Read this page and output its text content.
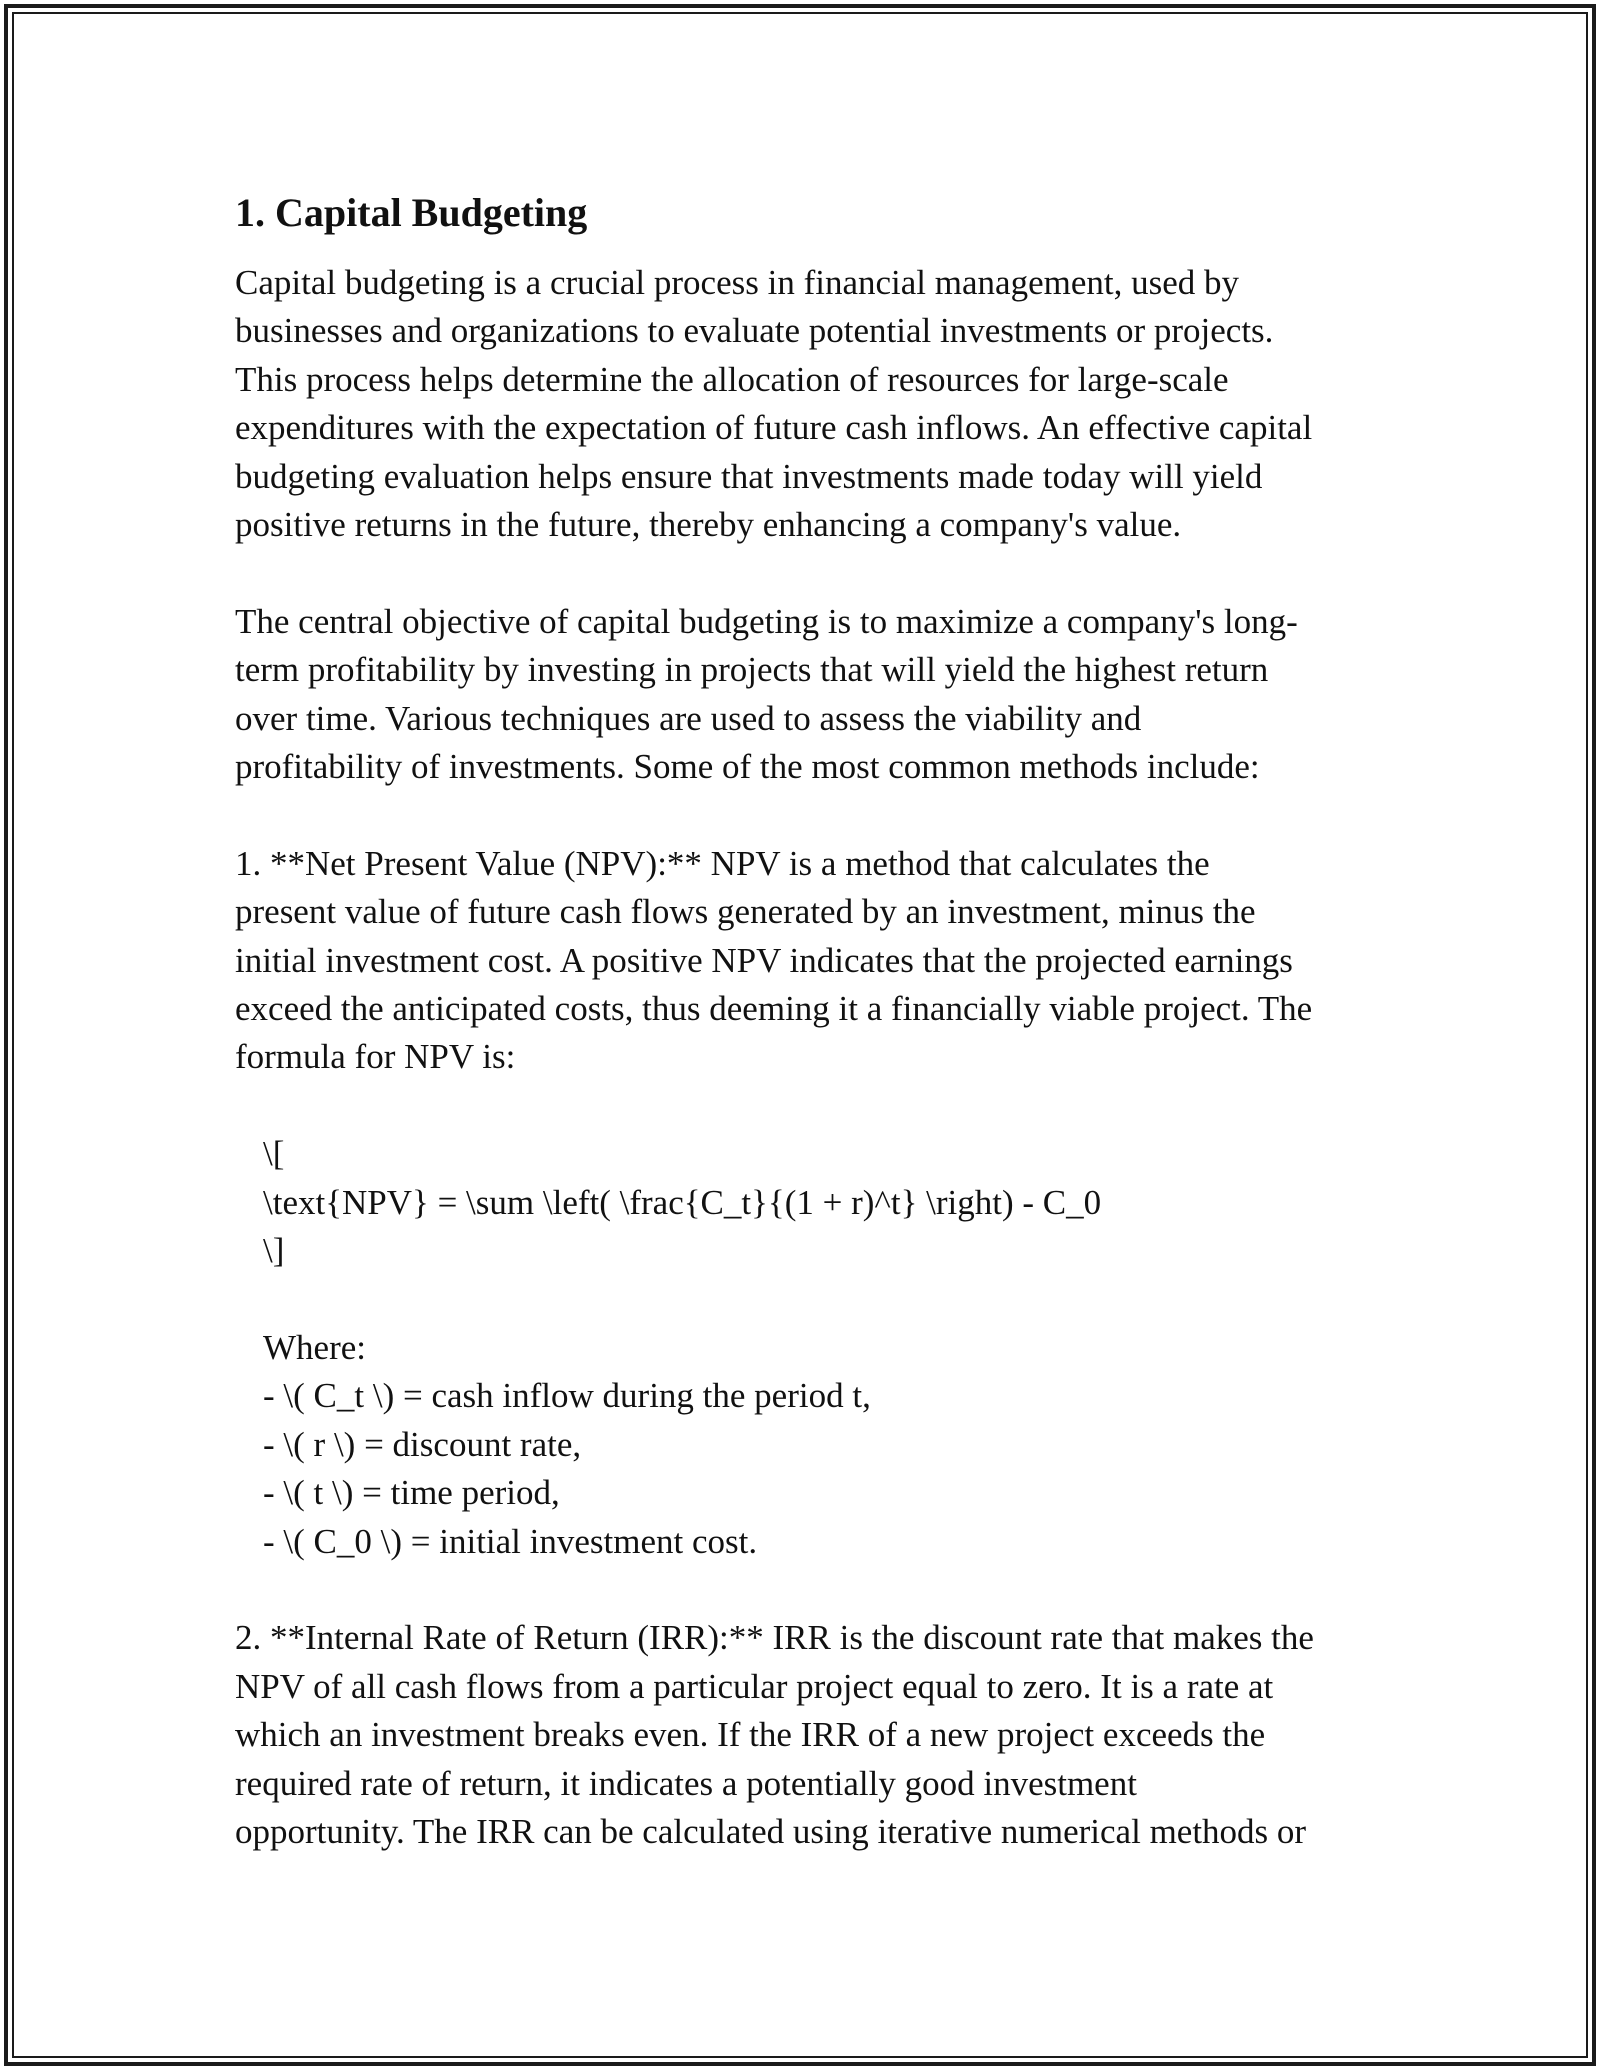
1. Capital Budgeting

Capital budgeting is a crucial process in financial management, used by
businesses and organizations to evaluate potential investments or projects.
This process helps determine the allocation of resources for large-scale
expenditures with the expectation of future cash inflows. An effective capital
budgeting evaluation helps ensure that investments made today will yield
positive returns in the future, thereby enhancing a company's value.

The central objective of capital budgeting is to maximize a company's long-
term profitability by investing in projects that will yield the highest return
over time. Various techniques are used to assess the viability and
profitability of investments. Some of the most common methods include:

1. **Net Present Value (NPV):** NPV is a method that calculates the
present value of future cash flows generated by an investment, minus the
initial investment cost. A positive NPV indicates that the projected earnings
exceed the anticipated costs, thus deeming it a financially viable project. The
formula for NPV is:

\[
\text{NPV} = \sum \left( \frac{C_t}{(1 + r)^t} \right) - C_0
\]
Where:
- \( C_t \) = cash inflow during the period t,
- \( r \) = discount rate,
- \( t \) = time period,
- \( C_0 \) = initial investment cost.

2. **Internal Rate of Return (IRR):** IRR is the discount rate that makes the
NPV of all cash flows from a particular project equal to zero. It is a rate at
which an investment breaks even. If the IRR of a new project exceeds the
required rate of return, it indicates a potentially good investment
opportunity. The IRR can be calculated using iterative numerical methods or
